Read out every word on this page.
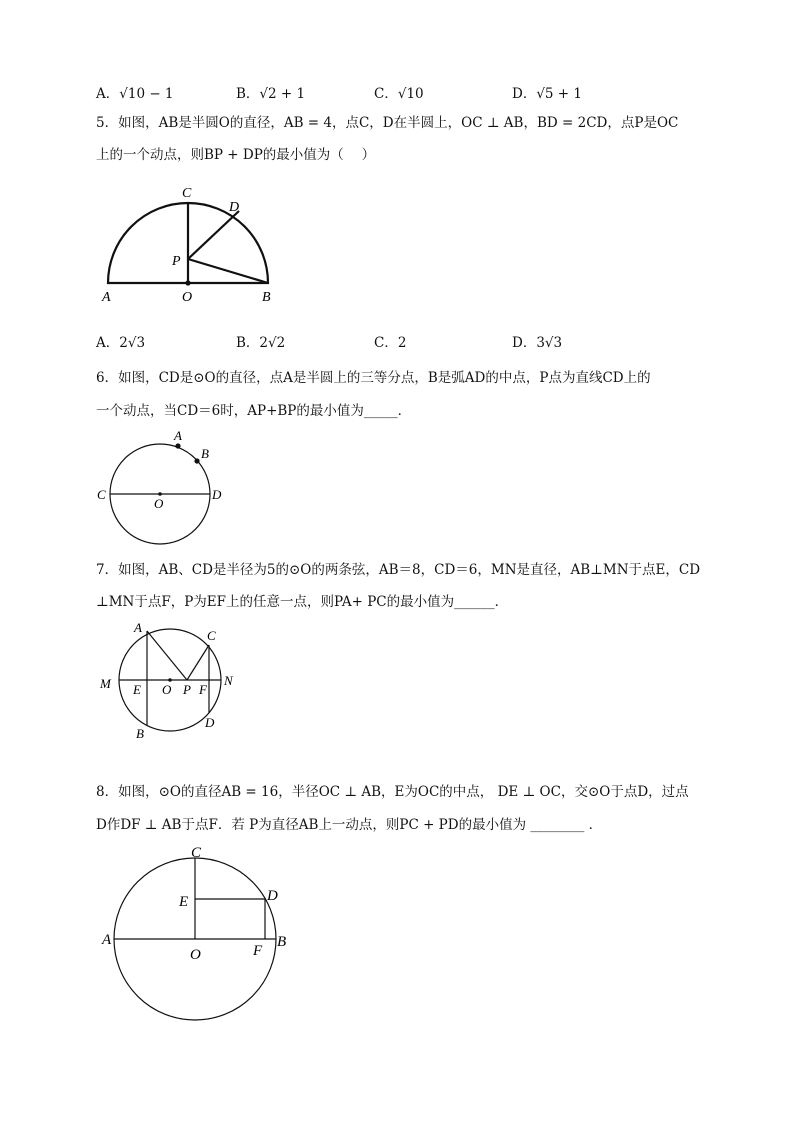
A．√10 − 1	B．√2 + 1	C．√10	D．√5 + 1
5．如图，AB是半圆O的直径，AB = 4，点C，D在半圆上，OC ⊥ AB，BD = 2CD，点P是OC
上的一个动点，则BP + DP的最小值为（　 ）
C
D
P
A	O	B
A．2√3	B．2√2	C．2	D．3√3
6．如图，CD是⊙O的直径，点A是半圆上的三等分点，B是弧AD的中点，P点为直线CD上的
一个动点，当CD＝6时，AP+BP的最小值为_____．
A
B
C	D
O
7．如图，AB、CD是半径为5的⊙O的两条弦，AB＝8，CD＝6，MN是直径，AB⊥MN于点E，CD
⊥MN于点F，P为EF上的任意一点，则PA+ PC的最小值为______．
A
C
M	N
E O P F
D
B
8．如图，⊙O的直径AB = 16，半径OC ⊥ AB，E为OC的中点， DE ⊥ OC，交⊙O于点D，过点
D作DF ⊥ AB于点F．若 P为直径AB上一动点，则PC + PD的最小值为 ________ ．
C
E	D
A
O	F
B
